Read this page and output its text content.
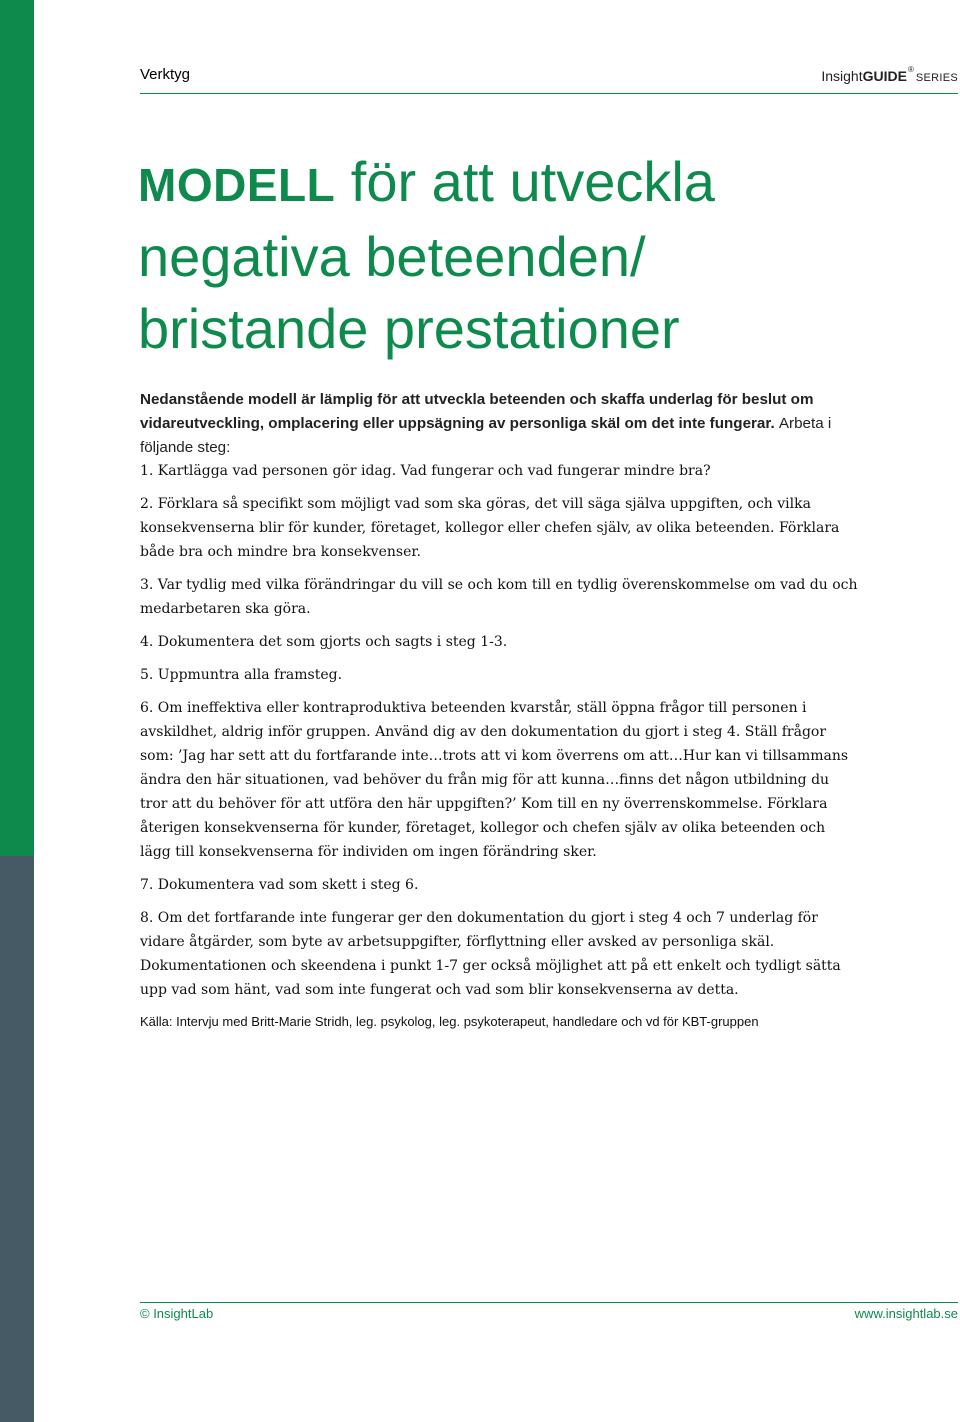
Verktyg	InsightGUIDE®SERIES
MODELL för att utveckla
negativa beteenden/
bristande prestationer

Nedanstående modell är lämplig för att utveckla beteenden och skaffa underlag för beslut om vidareutveckling, omplacering eller uppsägning av personliga skäl om det inte fungerar. Arbeta i följande steg:

1. Kartlägga vad personen gör idag. Vad fungerar och vad fungerar mindre bra?

2. Förklara så specifikt som möjligt vad som ska göras, det vill säga själva uppgiften, och vilka konsekvenserna blir för kunder, företaget, kollegor eller chefen själv, av olika beteenden. Förklara både bra och mindre bra konsekvenser.

3. Var tydlig med vilka förändringar du vill se och kom till en tydlig överenskommelse om vad du och medarbetaren ska göra.

4. Dokumentera det som gjorts och sagts i steg 1-3.

5. Uppmuntra alla framsteg.

6. Om ineffektiva eller kontraproduktiva beteenden kvarstår, ställ öppna frågor till personen i avskildhet, aldrig inför gruppen. Använd dig av den dokumentation du gjort i steg 4. Ställ frågor som: ’Jag har sett att du fortfarande inte…trots att vi kom överrens om att…Hur kan vi tillsammans ändra den här situationen, vad behöver du från mig för att kunna…finns det någon utbildning du tror att du behöver för att utföra den här uppgiften?’ Kom till en ny överrenskommelse. Förklara återigen konsekvenserna för kunder, företaget, kollegor och chefen själv av olika beteenden och lägg till konsekvenserna för individen om ingen förändring sker.

7. Dokumentera vad som skett i steg 6.

8. Om det fortfarande inte fungerar ger den dokumentation du gjort i steg 4 och 7 underlag för vidare åtgärder, som byte av arbetsuppgifter, förflyttning eller avsked av personliga skäl. Dokumentationen och skeendena i punkt 1-7 ger också möjlighet att på ett enkelt och tydligt sätta upp vad som hänt, vad som inte fungerat och vad som blir konsekvenserna av detta.

Källa: Intervju med Britt-Marie Stridh, leg. psykolog, leg. psykoterapeut, handledare och vd för KBT-gruppen
© InsightLab	www.insightlab.se
